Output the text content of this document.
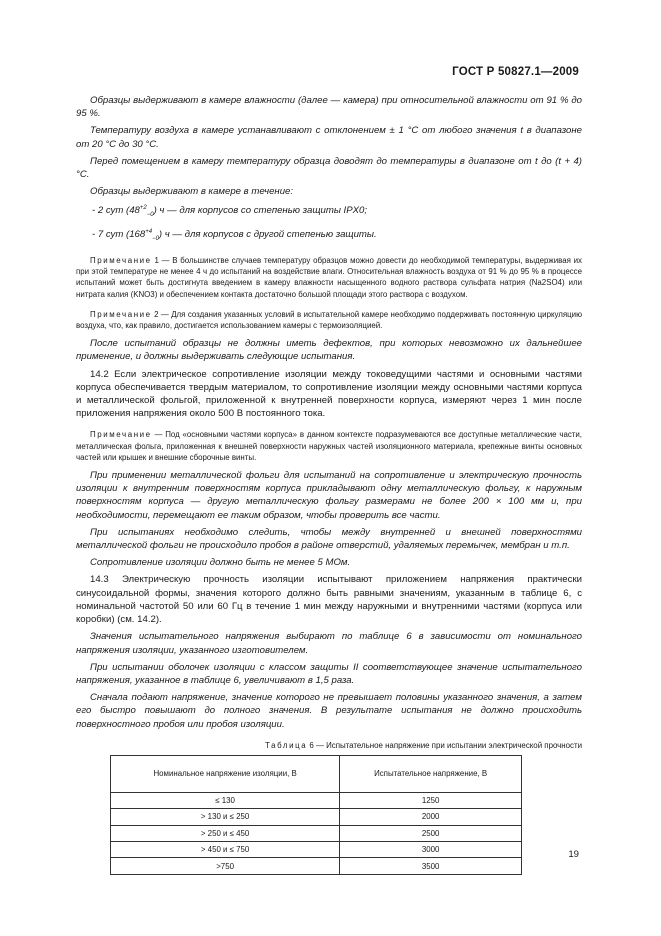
ГОСТ Р 50827.1—2009

Образцы выдерживают в камере влажности (далее — камера) при относительной влажности от 91 % до 95 %.

Температуру воздуха в камере устанавливают с отклонением ± 1 °С от любого значения t в диапазоне от 20 °С до 30 °С.

Перед помещением в камеру температуру образца доводят до температуры в диапазоне от t до (t + 4) °С.

Образцы выдерживают в камере в течение:

- 2 сут $(48^{+2}_{-0})$ ч — для корпусов со степенью защиты IPX0;

- 7 сут $(168^{+4}_{-0})$ ч — для корпусов с другой степенью защиты.

Примечание 1 — В большинстве случаев температуру образцов можно довести до необходимой температуры, выдерживая их при этой температуре не менее 4 ч до испытаний на воздействие влаги. Относительная влажность воздуха от 91 % до 95 % в процессе испытаний может быть достигнута введением в камеру влажности насыщенного водного раствора сульфата натрия (Na2SO4) или нитрата калия (KNO3) и обеспечением контакта достаточно большой площади этого раствора с воздухом.

Примечание 2 — Для создания указанных условий в испытательной камере необходимо поддерживать постоянную циркуляцию воздуха, что, как правило, достигается использованием камеры с термоизоляцией.

После испытаний образцы не должны иметь дефектов, при которых невозможно их дальнейшее применение, и должны выдерживать следующие испытания.

14.2 Если электрическое сопротивление изоляции между токоведущими частями и основными частями корпуса обеспечивается твердым материалом, то сопротивление изоляции между основными частями корпуса и металлической фольгой, приложенной к внутренней поверхности корпуса, измеряют через 1 мин после приложения напряжения около 500 В постоянного тока.

Примечание — Под «основными частями корпуса» в данном контексте подразумеваются все доступные металлические части, металлическая фольга, приложенная к внешней поверхности наружных частей изоляционного материала, крепежные винты основных частей или крышек и внешние сборочные винты.

При применении металлической фольги для испытаний на сопротивление и электрическую прочность изоляции к внутренним поверхностям корпуса прикладывают одну металлическую фольгу, к наружным поверхностям корпуса — другую металлическую фольгу размерами не более 200 × 100 мм и, при необходимости, перемещают ее таким образом, чтобы проверить все части.

При испытаниях необходимо следить, чтобы между внутренней и внешней поверхностями металлической фольги не происходило пробоя в районе отверстий, удаляемых перемычек, мембран и т.п.

Сопротивление изоляции должно быть не менее 5 МОм.

14.3 Электрическую прочность изоляции испытывают приложением напряжения практически синусоидальной формы, значения которого должно быть равными значениям, указанным в таблице 6, с номинальной частотой 50 или 60 Гц в течение 1 мин между наружными и внутренними частями (корпуса или коробки) (см. 14.2).

Значения испытательного напряжения выбирают по таблице 6 в зависимости от номинального напряжения изоляции, указанного изготовителем.

При испытании оболочек изоляции с классом защиты II соответствующее значение испытательного напряжения, указанное в таблице 6, увеличивают в 1,5 раза.

Сначала подают напряжение, значение которого не превышает половины указанного значения, а затем его быстро повышают до полного значения. В результате испытания не должно происходить поверхностного пробоя или пробоя изоляции.

Таблица 6 — Испытательное напряжение при испытании электрической прочности
Номинальное напряжение изоляции, В	Испытательное напряжение, В
≤ 130	1250
> 130 и ≤ 250	2000
> 250 и ≤ 450	2500
> 450 и ≤ 750	3000
>750	3500
19
